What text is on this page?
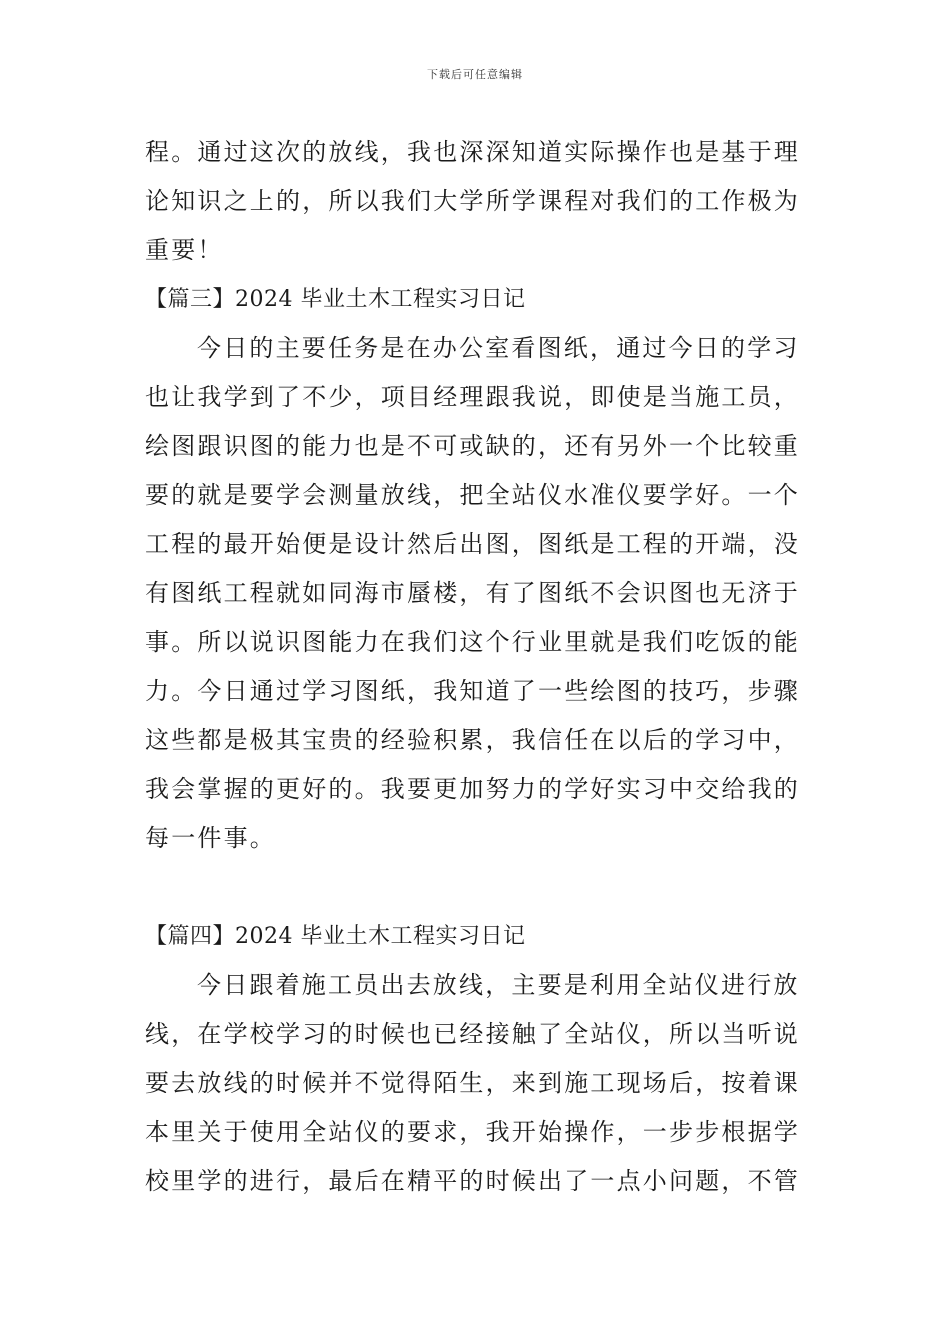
下载后可任意编辑
程。通过这次的放线，我也深深知道实际操作也是基于理
论知识之上的，所以我们大学所学课程对我们的工作极为
重要！
【篇三】2024 毕业土木工程实习日记
今日的主要任务是在办公室看图纸，通过今日的学习
也让我学到了不少，项目经理跟我说，即使是当施工员，
绘图跟识图的能力也是不可或缺的，还有另外一个比较重
要的就是要学会测量放线，把全站仪水准仪要学好。一个
工程的最开始便是设计然后出图，图纸是工程的开端，没
有图纸工程就如同海市蜃楼，有了图纸不会识图也无济于
事。所以说识图能力在我们这个行业里就是我们吃饭的能
力。今日通过学习图纸，我知道了一些绘图的技巧，步骤
这些都是极其宝贵的经验积累，我信任在以后的学习中，
我会掌握的更好的。我要更加努力的学好实习中交给我的
每一件事。
【篇四】2024 毕业土木工程实习日记
今日跟着施工员出去放线，主要是利用全站仪进行放
线，在学校学习的时候也已经接触了全站仪，所以当听说
要去放线的时候并不觉得陌生，来到施工现场后，按着课
本里关于使用全站仪的要求，我开始操作，一步步根据学
校里学的进行，最后在精平的时候出了一点小问题，不管
